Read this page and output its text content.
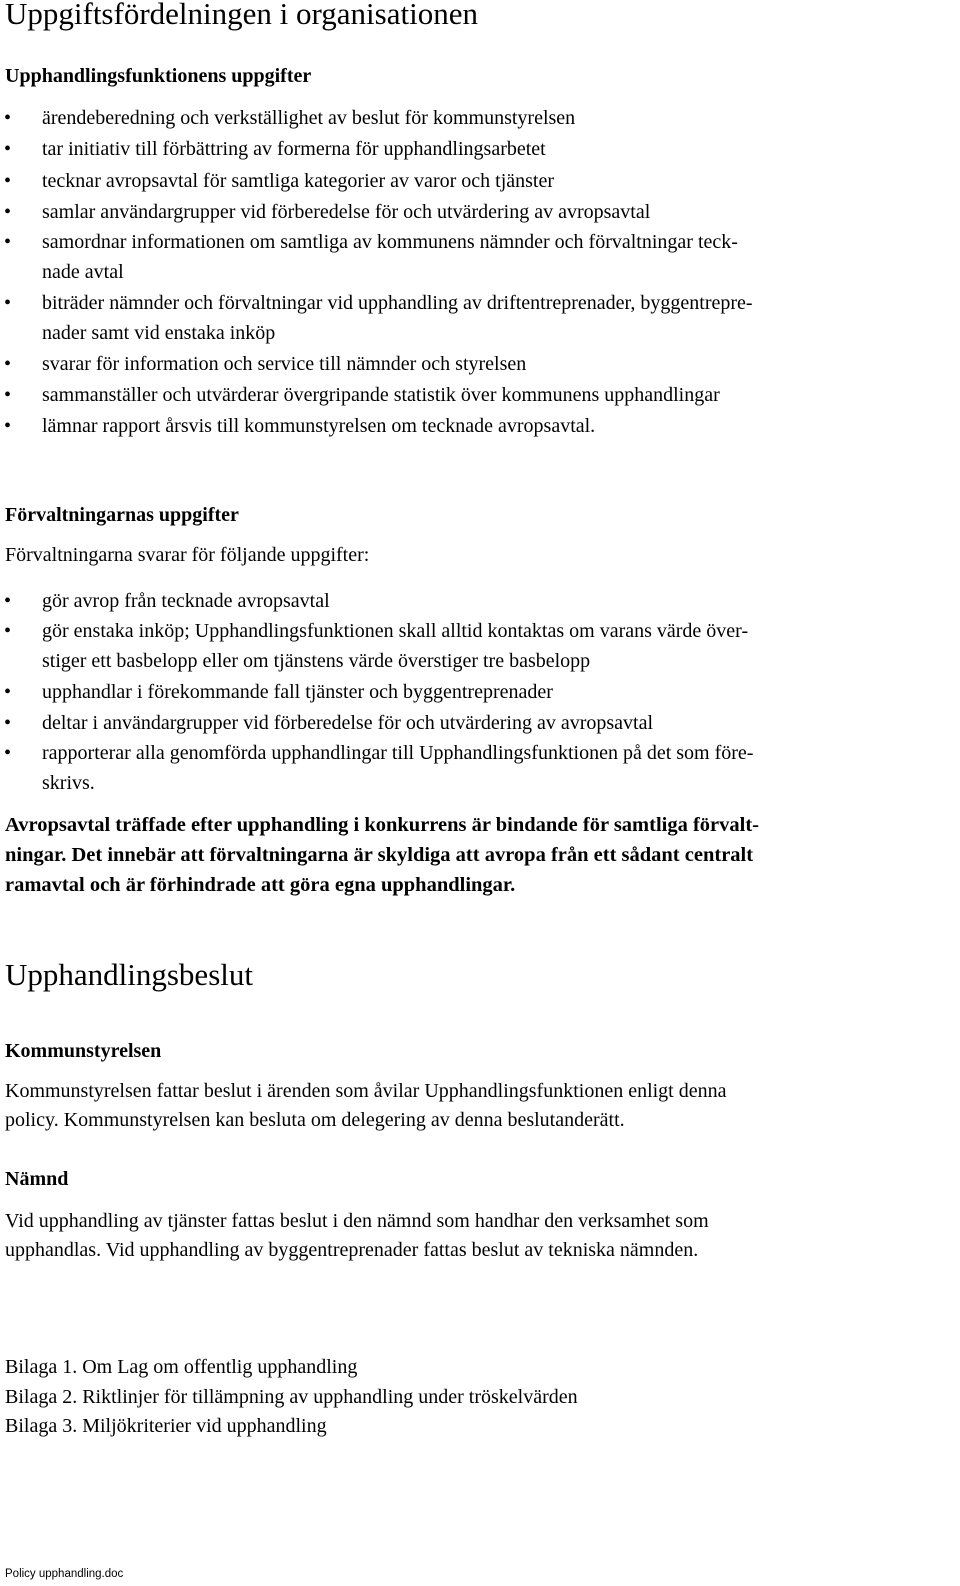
Uppgiftsfördelningen i organisationen
Upphandlingsfunktionens uppgifter
• ärendeberedning och verkställighet av beslut för kommunstyrelsen
• tar initiativ till förbättring av formerna för upphandlingsarbetet
• tecknar avropsavtal för samtliga kategorier av varor och tjänster
• samlar användargrupper vid förberedelse för och utvärdering av avropsavtal
• samordnar informationen om samtliga av kommunens nämnder och förvaltningar teck-
nade avtal
• biträder nämnder och förvaltningar vid upphandling av driftentreprenader, byggentrepre-
nader samt vid enstaka inköp
• svarar för information och service till nämnder och styrelsen
• sammanställer och utvärderar övergripande statistik över kommunens upphandlingar
• lämnar rapport årsvis till kommunstyrelsen om tecknade avropsavtal.
Förvaltningarnas uppgifter

Förvaltningarna svarar för följande uppgifter:

• gör avrop från tecknade avropsavtal
• gör enstaka inköp; Upphandlingsfunktionen skall alltid kontaktas om varans värde över-
stiger ett basbelopp eller om tjänstens värde överstiger tre basbelopp
• upphandlar i förekommande fall tjänster och byggentreprenader
• deltar i användargrupper vid förberedelse för och utvärdering av avropsavtal
• rapporterar alla genomförda upphandlingar till Upphandlingsfunktionen på det som före-
skrivs.

Avropsavtal träffade efter upphandling i konkurrens är bindande för samtliga förvalt-

ningar. Det innebär att förvaltningarna är skyldiga att avropa från ett sådant centralt

ramavtal och är förhindrade att göra egna upphandlingar.

Upphandlingsbeslut
Kommunstyrelsen

Kommunstyrelsen fattar beslut i ärenden som åvilar Upphandlingsfunktionen enligt denna

policy. Kommunstyrelsen kan besluta om delegering av denna beslutanderätt.

Nämnd

Vid upphandling av tjänster fattas beslut i den nämnd som handhar den verksamhet som

upphandlas. Vid upphandling av byggentreprenader fattas beslut av tekniska nämnden.

Bilaga 1. Om Lag om offentlig upphandling

Bilaga 2. Riktlinjer för tillämpning av upphandling under tröskelvärden

Bilaga 3. Miljökriterier vid upphandling

Policy upphandling.doc
